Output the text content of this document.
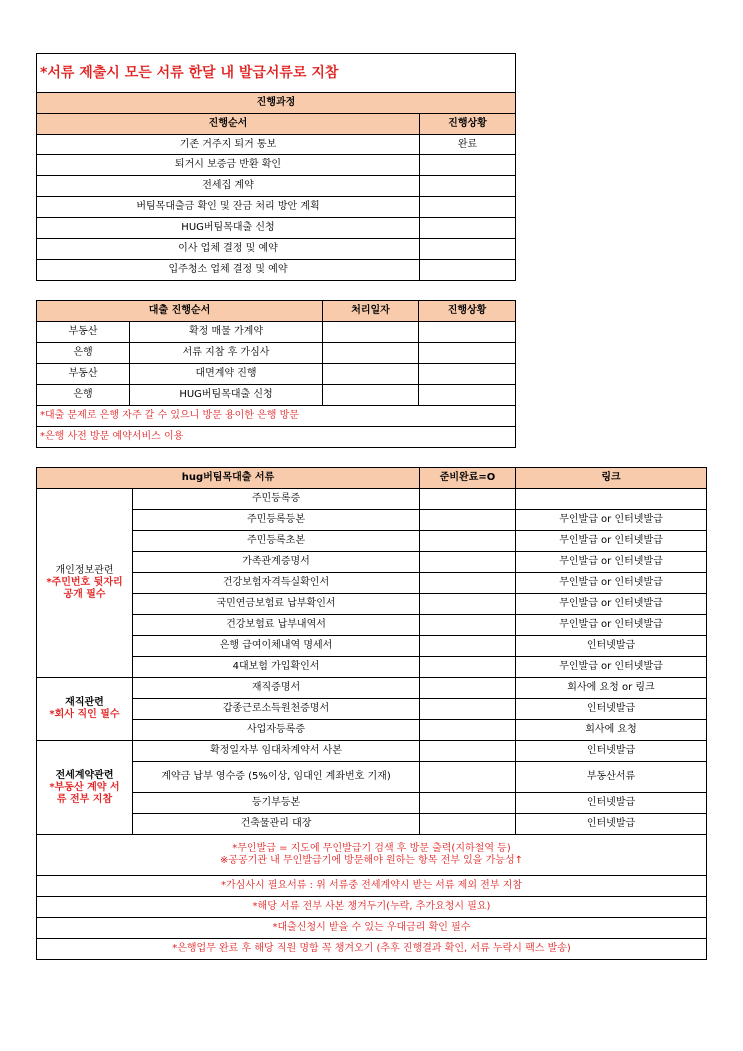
*서류 제출시 모든 서류 한달 내 발급서류로 지참	
진행과정	
진행순서	진행상황
기존 거주지 퇴거 통보	완료
퇴거시 보증금 반환 확인	
전세집 계약	
버팀목대출금 확인 및 잔금 처리 방안 계획	
HUG버팀목대출 신청	
이사 업체 결정 및 예약	
입주청소 업체 결정 및 예약	
대출 진행순서		처리일자	진행상황
부동산	확정 매물 가계약		
은행	서류 지참 후 가심사		
부동산	대면계약 진행		
은행	HUG버팀목대출 신청		
*대출 문제로 은행 자주 갈 수 있으니 방문 용이한 은행 방문			
*은행 사전 방문 예약서비스 이용			
hug버팀목대출 서류		준비완료=O	링크

개인정보관련
*주민번호 뒷자리 공개 필수	주민등록증		
	주민등록등본		무인발급 or 인터넷발급
	주민등록초본		무인발급 or 인터넷발급
	가족관계증명서		무인발급 or 인터넷발급
	건강보험자격득실확인서		무인발급 or 인터넷발급
	국민연금보험료 납부확인서		무인발급 or 인터넷발급
	건강보험료 납부내역서		무인발급 or 인터넷발급
	은행 급여이체내역 명세서		인터넷발급
	4대보험 가입확인서		무인발급 or 인터넷발급

재직관련
*회사 직인 필수	재직증명서		회사에 요청 or 링크
	갑종근로소득원천증명서		인터넷발급
	사업자등록증		회사에 요청

전세계약관련
*부동산 계약 서류 전부 지참	확정일자부 임대차계약서 사본		인터넷발급
	계약금 납부 영수증 (5%이상, 임대인 계좌번호 기재)		부동산서류
	등기부등본		인터넷발급
	건축물관리 대장		인터넷발급

*무인발급 = 지도에 무인발급기 검색 후 방문 출력(지하철역 등)
※공공기관 내 무인발급기에 방문해야 원하는 항목 전부 있을 가능성↑			

*가심사시 필요서류 : 위 서류중 전세계약시 받는 서류 제외 전부 지참			
*해당 서류 전부 사본 챙겨두기(누락, 추가요청시 필요)			
*대출신청시 받을 수 있는 우대금리 확인 필수			
*은행업무 완료 후 해당 직원 명함 꼭 챙겨오기 (추후 진행결과 확인, 서류 누락시 팩스 발송)			
